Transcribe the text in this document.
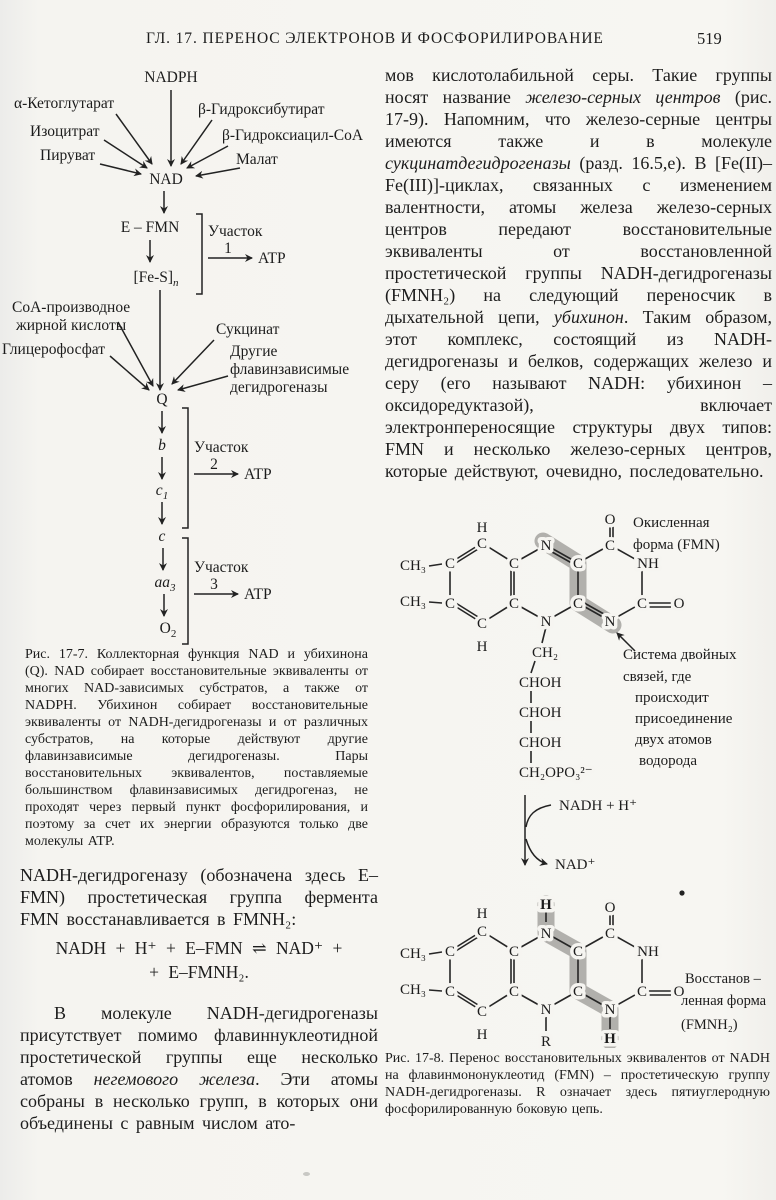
ГЛ. 17. ПЕРЕНОС ЭЛЕКТРОНОВ И ФОСФОРИЛИРОВАНИЕ	519
NADPH
α-Кетоглутарат
Изоцитрат
Пируват
β-Гидроксибутират
β-Гидроксиацил-CoA
Малат
NAD
E – FMN
$[Fe-S]_n$
Участок
1
ATP
CoA-производное
жирной кислоты	Сукцинат
Глицерофосфат	Другие
флавинзависимые
дегидрогеназы
Q
b
$c_1$
c
$aa_3$
$O_2$
Участок
2
ATP
Участок
3
ATP
Рис. 17-7. Коллекторная функция NAD и убихинона (Q). NAD собирает восстановительные эквиваленты от многих NAD-зависимых субстратов, а также от NADPH. Убихинон собирает восстановительные эквиваленты от NADH-дегидрогеназы и от различных субстратов, на которые действуют другие флавинзависимые дегидрогеназы. Пары восстановительных эквивалентов, поставляемые большинством флавинзависимых дегидрогеназ, не проходят через первый пункт фосфорилирования, и поэтому за счет их энергии образуются только две молекулы ATP.
NADH-дегидрогеназу (обозначена здесь E–FMN) простетическая группа фермента FMN восстанавливается в FMNH₂:
NADH + H⁺ + E–FMN ⇌ NAD⁺ +
+ E–FMNH₂.
В молекуле NADH-дегидрогеназы присутствует помимо флавиннуклеотидной простетической группы еще несколько атомов негемового железа. Эти атомы собраны в несколько групп, в которых они объединены с равным числом ато-
мов кислотолабильной серы. Такие группы носят название железо-серных центров (рис. 17-9). Напомним, что железо-серные центры имеются также и в молекуле сукцинатдегидрогеназы (разд. 16.5,е). В [Fe(II)–Fe(III)]-циклах, связанных с изменением валентности, атомы железа железо-серных центров передают восстановительные эквиваленты от восстановленной простетической группы NADH-дегидрогеназы (FMNH₂) на следующий переносчик в дыхательной цепи, убихинон. Таким образом, этот комплекс, состоящий из NADH-дегидрогеназы и белков, содержащих железо и серу (его называют NADH: убихинон – оксидоредуктазой), включает электронпереносящие структуры двух типов: FMN и несколько железо-серных центров, которые действуют, очевидно, последовательно.
H
C
CH₃ C
CH₃ C
C
H
C
C
N
C
C
N
C
O
NH
C O
N
CH₂
CHOH
CHOH
CHOH
CH₂OPO₃²⁻
Окисленная
форма (FMN)
Система двойных
связей, где
происходит
присоединение
двух атомов
водорода
NADH + H⁺
NAD⁺
H
C
CH₃ C
CH₃ C
C
H
C
C
H
N
C
C
N
R
C
O
NH
C O
N
H
Восстанов –
ленная форма
(FMNH₂)
Рис. 17-8. Перенос восстановительных эквивалентов от NADH на флавинмононуклеотид (FMN) – простетическую группу NADH-дегидрогеназы. R означает здесь пятиуглеродную фосфорилированную боковую цепь.
